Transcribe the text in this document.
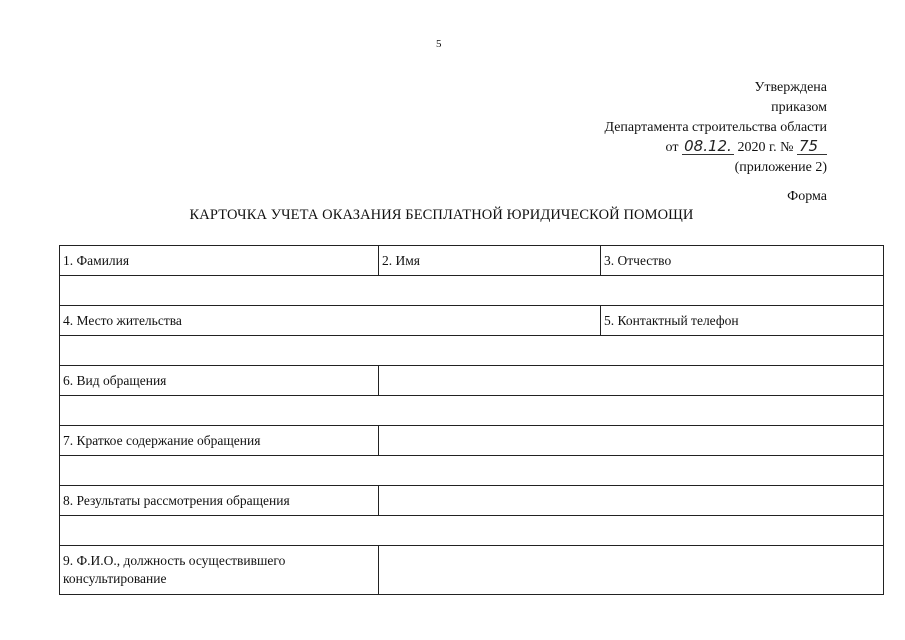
5
Утверждена
приказом
Департамента строительства области
от 08.12. 2020 г. № 75
(приложение 2)
Форма
КАРТОЧКА УЧЕТА ОКАЗАНИЯ БЕСПЛАТНОЙ ЮРИДИЧЕСКОЙ ПОМОЩИ
1. Фамилия	2. Имя	3. Отчество

4. Место жительства		5. Контактный телефон

6. Вид обращения		

7. Краткое содержание обращения		

8. Результаты рассмотрения обращения		

9. Ф.И.О., должность осуществившего
консультирование		
